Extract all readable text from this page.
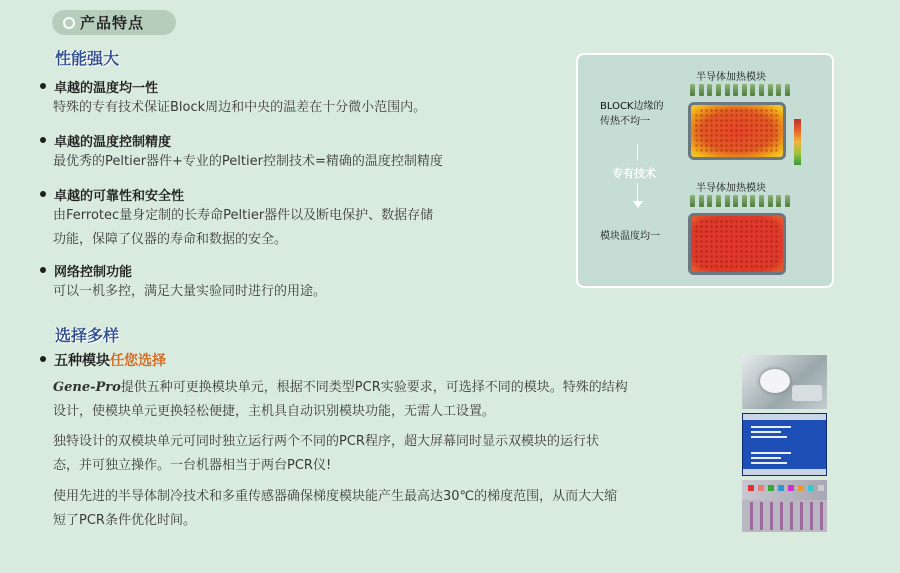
产品特点
性能强大
卓越的温度均一性
特殊的专有技术保证Block周边和中央的温差在十分微小范围内。
卓越的温度控制精度
最优秀的Peltier器件+专业的Peltier控制技术=精确的温度控制精度
卓越的可靠性和安全性
由Ferrotec量身定制的长寿命Peltier器件以及断电保护、数据存储
功能，保障了仪器的寿命和数据的安全。
网络控制功能
可以一机多控，满足大量实验同时进行的用途。
半导体加热模块
BLOCK边缘的
传热不均一
专有技术
半导体加热模块
模块温度均一
选择多样
五种模块任您选择
Gene-Pro提供五种可更换模块单元，根据不同类型PCR实验要求，可选择不同的模块。特殊的结构
设计，使模块单元更换轻松便捷，主机具自动识别模块功能，无需人工设置。
独特设计的双模块单元可同时独立运行两个不同的PCR程序，超大屏幕同时显示双模块的运行状
态，并可独立操作。一台机器相当于两台PCR仪!
使用先进的半导体制冷技术和多重传感器确保梯度模块能产生最高达30℃的梯度范围，从而大大缩
短了PCR条件优化时间。
